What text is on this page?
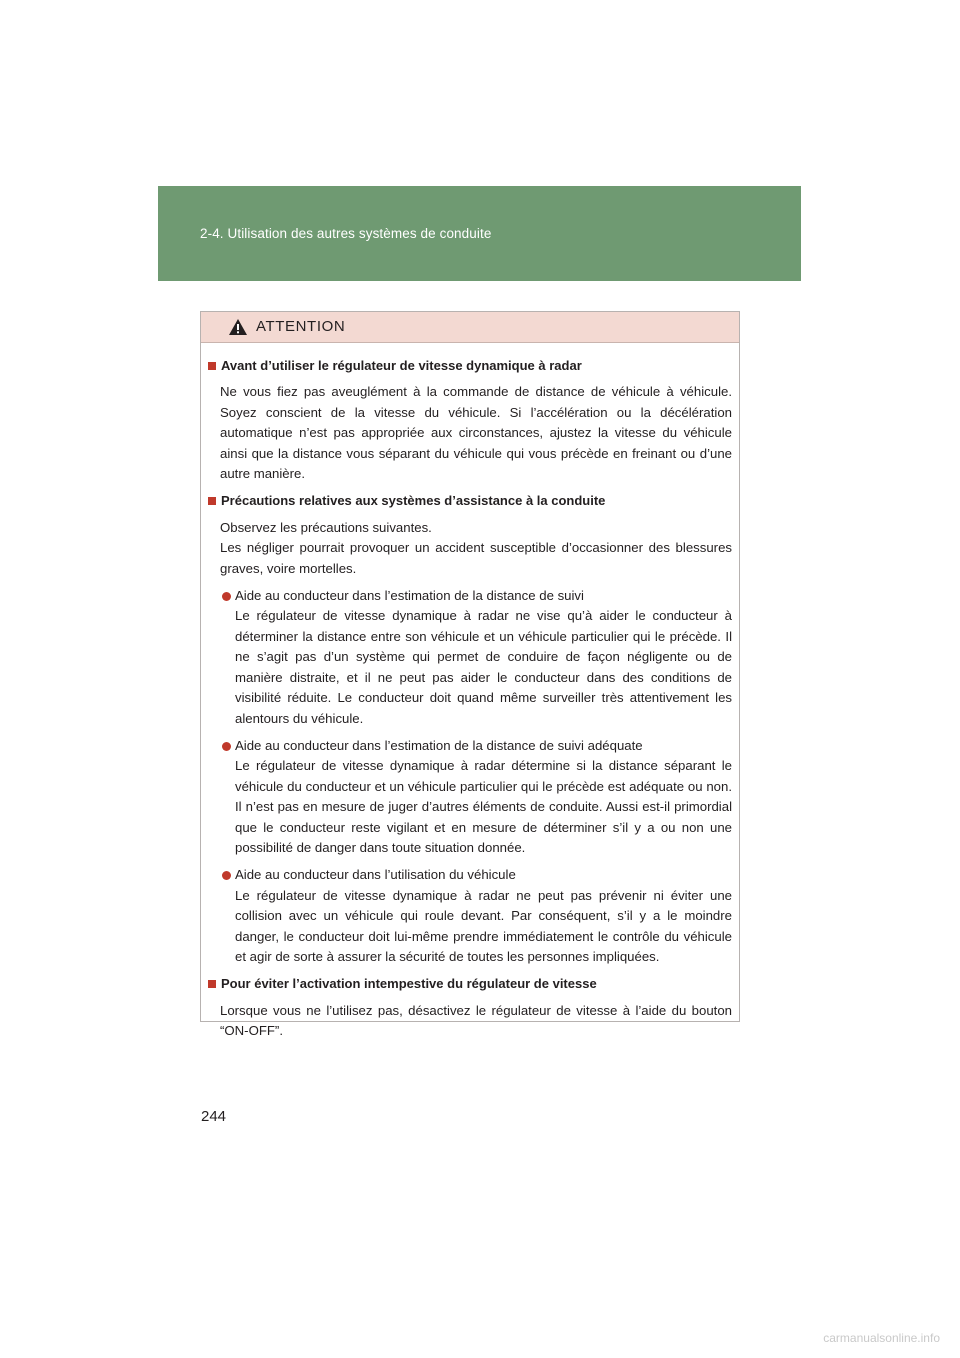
2-4. Utilisation des autres systèmes de conduite
ATTENTION
Avant d’utiliser le régulateur de vitesse dynamique à radar

Ne vous fiez pas aveuglément à la commande de distance de véhicule à véhicule. Soyez conscient de la vitesse du véhicule. Si l’accélération ou la décélération automatique n’est pas appropriée aux circonstances, ajustez la vitesse du véhicule ainsi que la distance vous séparant du véhicule qui vous précède en freinant ou d’une autre manière.

Précautions relatives aux systèmes d’assistance à la conduite

Observez les précautions suivantes.

Les négliger pourrait provoquer un accident susceptible d’occasionner des blessures graves, voire mortelles.

Aide au conducteur dans l’estimation de la distance de suivi

Le régulateur de vitesse dynamique à radar ne vise qu’à aider le conducteur à déterminer la distance entre son véhicule et un véhicule particulier qui le précède. Il ne s’agit pas d’un système qui permet de conduire de façon négligente ou de manière distraite, et il ne peut pas aider le conducteur dans des conditions de visibilité réduite. Le conducteur doit quand même surveiller très attentivement les alentours du véhicule.

Aide au conducteur dans l’estimation de la distance de suivi adéquate

Le régulateur de vitesse dynamique à radar détermine si la distance séparant le véhicule du conducteur et un véhicule particulier qui le précède est adéquate ou non. Il n’est pas en mesure de juger d’autres éléments de conduite. Aussi est-il primordial que le conducteur reste vigilant et en mesure de déterminer s’il y a ou non une possibilité de danger dans toute situation donnée.

Aide au conducteur dans l’utilisation du véhicule

Le régulateur de vitesse dynamique à radar ne peut pas prévenir ni éviter une collision avec un véhicule qui roule devant. Par conséquent, s’il y a le moindre danger, le conducteur doit lui-même prendre immédiatement le contrôle du véhicule et agir de sorte à assurer la sécurité de toutes les personnes impliquées.

Pour éviter l’activation intempestive du régulateur de vitesse

Lorsque vous ne l’utilisez pas, désactivez le régulateur de vitesse à l’aide du bouton “ON-OFF”.

244
carmanualsonline.info
